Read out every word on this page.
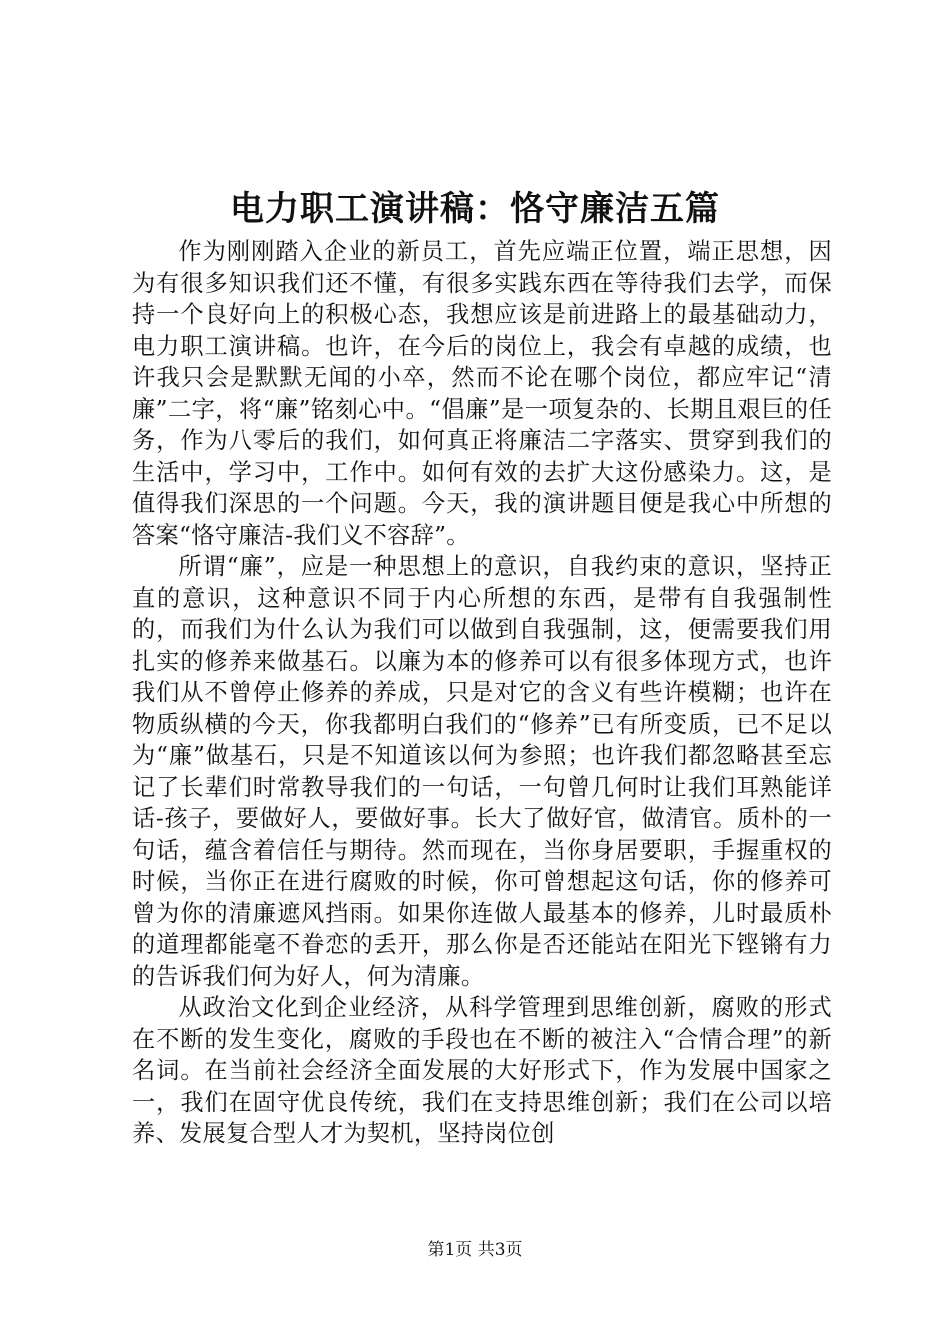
电力职工演讲稿：恪守廉洁五篇

作为刚刚踏入企业的新员工，首先应端正位置，端正思想，因为有很多知识我们还不懂，有很多实践东西在等待我们去学，而保持一个良好向上的积极心态，我想应该是前进路上的最基础动力，电力职工演讲稿。也许，在今后的岗位上，我会有卓越的成绩，也许我只会是默默无闻的小卒，然而不论在哪个岗位，都应牢记“清廉”二字，将“廉”铭刻心中。“倡廉”是一项复杂的、长期且艰巨的任务，作为八零后的我们，如何真正将廉洁二字落实、贯穿到我们的生活中，学习中，工作中。如何有效的去扩大这份感染力。这，是值得我们深思的一个问题。今天，我的演讲题目便是我心中所想的答案“恪守廉洁-我们义不容辞”。

所谓“廉”，应是一种思想上的意识，自我约束的意识，坚持正直的意识，这种意识不同于内心所想的东西，是带有自我强制性的，而我们为什么认为我们可以做到自我强制，这，便需要我们用扎实的修养来做基石。以廉为本的修养可以有很多体现方式，也许我们从不曾停止修养的养成，只是对它的含义有些许模糊；也许在物质纵横的今天，你我都明白我们的“修养”已有所变质，已不足以为“廉”做基石，只是不知道该以何为参照；也许我们都忽略甚至忘记了长辈们时常教导我们的一句话，一句曾几何时让我们耳熟能详话-孩子，要做好人，要做好事。长大了做好官，做清官。质朴的一句话，蕴含着信任与期待。然而现在，当你身居要职，手握重权的时候，当你正在进行腐败的时候，你可曾想起这句话，你的修养可曾为你的清廉遮风挡雨。如果你连做人最基本的修养，儿时最质朴的道理都能毫不眷恋的丢开，那么你是否还能站在阳光下铿锵有力的告诉我们何为好人，何为清廉。

从政治文化到企业经济，从科学管理到思维创新，腐败的形式在不断的发生变化，腐败的手段也在不断的被注入“合情合理”的新名词。在当前社会经济全面发展的大好形式下，作为发展中国家之一，我们在固守优良传统，我们在支持思维创新；我们在公司以培养、发展复合型人才为契机，坚持岗位创

第1页 共3页
